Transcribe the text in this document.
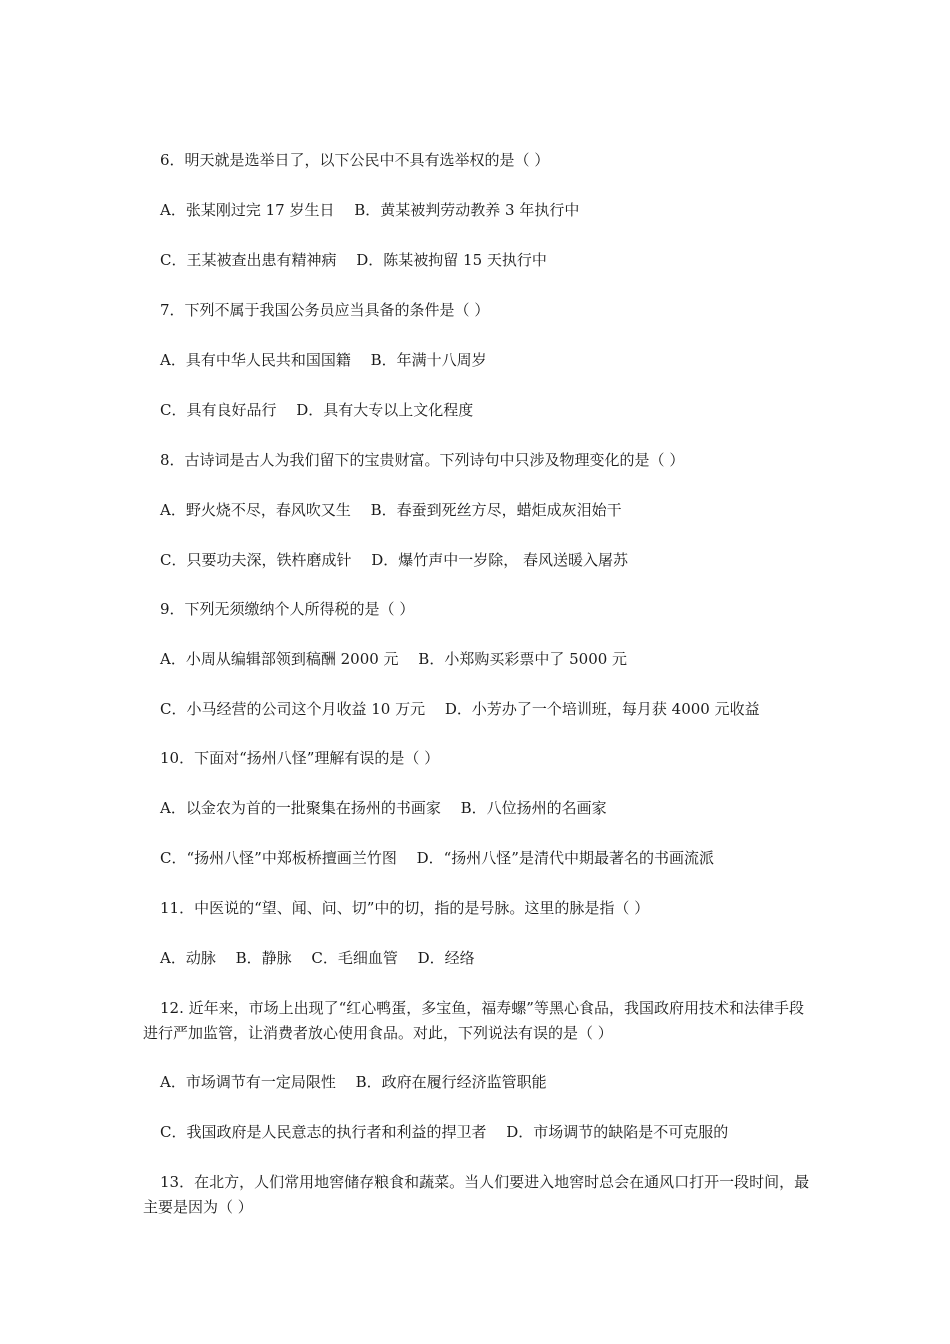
6．明天就是选举日了，以下公民中不具有选举权的是（ ）
A．张某刚过完 17 岁生日　 B．黄某被判劳动教养 3 年执行中
C．王某被查出患有精神病　 D．陈某被拘留 15 天执行中
7．下列不属于我国公务员应当具备的条件是（ ）
A．具有中华人民共和国国籍　 B．年满十八周岁
C．具有良好品行　 D．具有大专以上文化程度
8．古诗词是古人为我们留下的宝贵财富。下列诗句中只涉及物理变化的是（ ）
A．野火烧不尽，春风吹又生　 B．春蚕到死丝方尽，蜡炬成灰泪始干
C．只要功夫深，铁杵磨成针　 D．爆竹声中一岁除， 春风送暖入屠苏
9．下列无须缴纳个人所得税的是（ ）
A．小周从编辑部领到稿酬 2000 元　 B．小郑购买彩票中了 5000 元
C．小马经营的公司这个月收益 10 万元　 D．小芳办了一个培训班，每月获 4000 元收益
10．下面对“扬州八怪”理解有误的是（ ）
A．以金农为首的一批聚集在扬州的书画家　 B．八位扬州的名画家
C．“扬州八怪”中郑板桥擅画兰竹图　 D．“扬州八怪”是清代中期最著名的书画流派
11．中医说的“望、闻、问、切”中的切，指的是号脉。这里的脉是指（ ）
A．动脉　 B．静脉　 C．毛细血管　 D．经络
12. 近年来，市场上出现了“红心鸭蛋，多宝鱼，福寿螺”等黑心食品，我国政府用技术和法律手段进行严加监管，让消费者放心使用食品。对此，下列说法有误的是（ ）
A．市场调节有一定局限性　 B．政府在履行经济监管职能
C．我国政府是人民意志的执行者和利益的捍卫者　 D．市场调节的缺陷是不可克服的
13．在北方，人们常用地窖储存粮食和蔬菜。当人们要进入地窖时总会在通风口打开一段时间，最主要是因为（ ）
